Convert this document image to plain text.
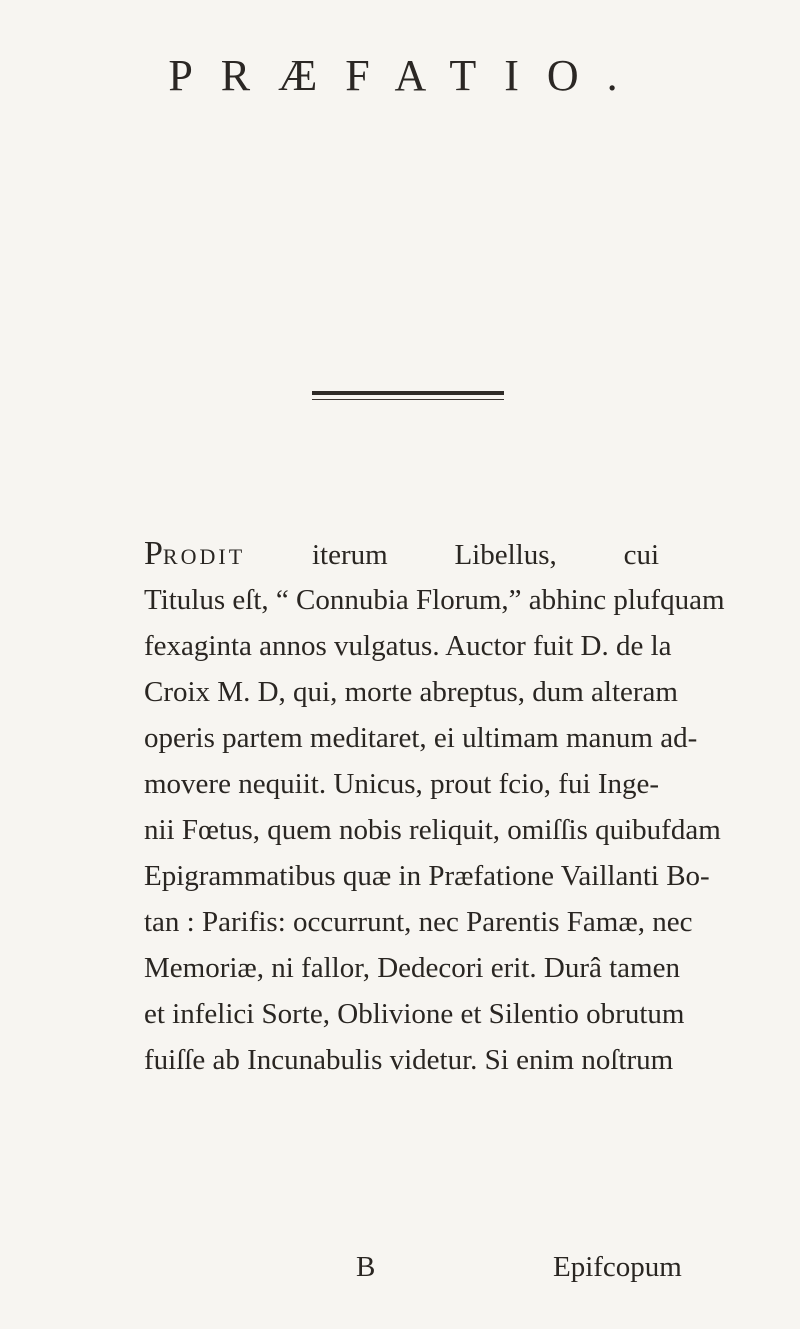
PRÆFATIO.
PRODIT iterum Libellus, cui
Titulus eſt, “ Connubia Florum,” abhinc plufquam
fexaginta annos vulgatus. Auctor fuit D. de la
Croix M. D, qui, morte abreptus, dum alteram
operis partem meditaret, ei ultimam manum ad-
movere nequiit. Unicus, prout fcio, fui Inge-
nii Fœtus, quem nobis reliquit, omiſſis quibufdam
Epigrammatibus quæ in Præfatione Vaillanti Bo-
tan : Parifis: occurrunt, nec Parentis Famæ, nec
Memoriæ, ni fallor, Dedecori erit. Durâ tamen
et infelici Sorte, Oblivione et Silentio obrutum
fuiſſe ab Incunabulis videtur. Si enim noſtrum
B	Epifcopum
